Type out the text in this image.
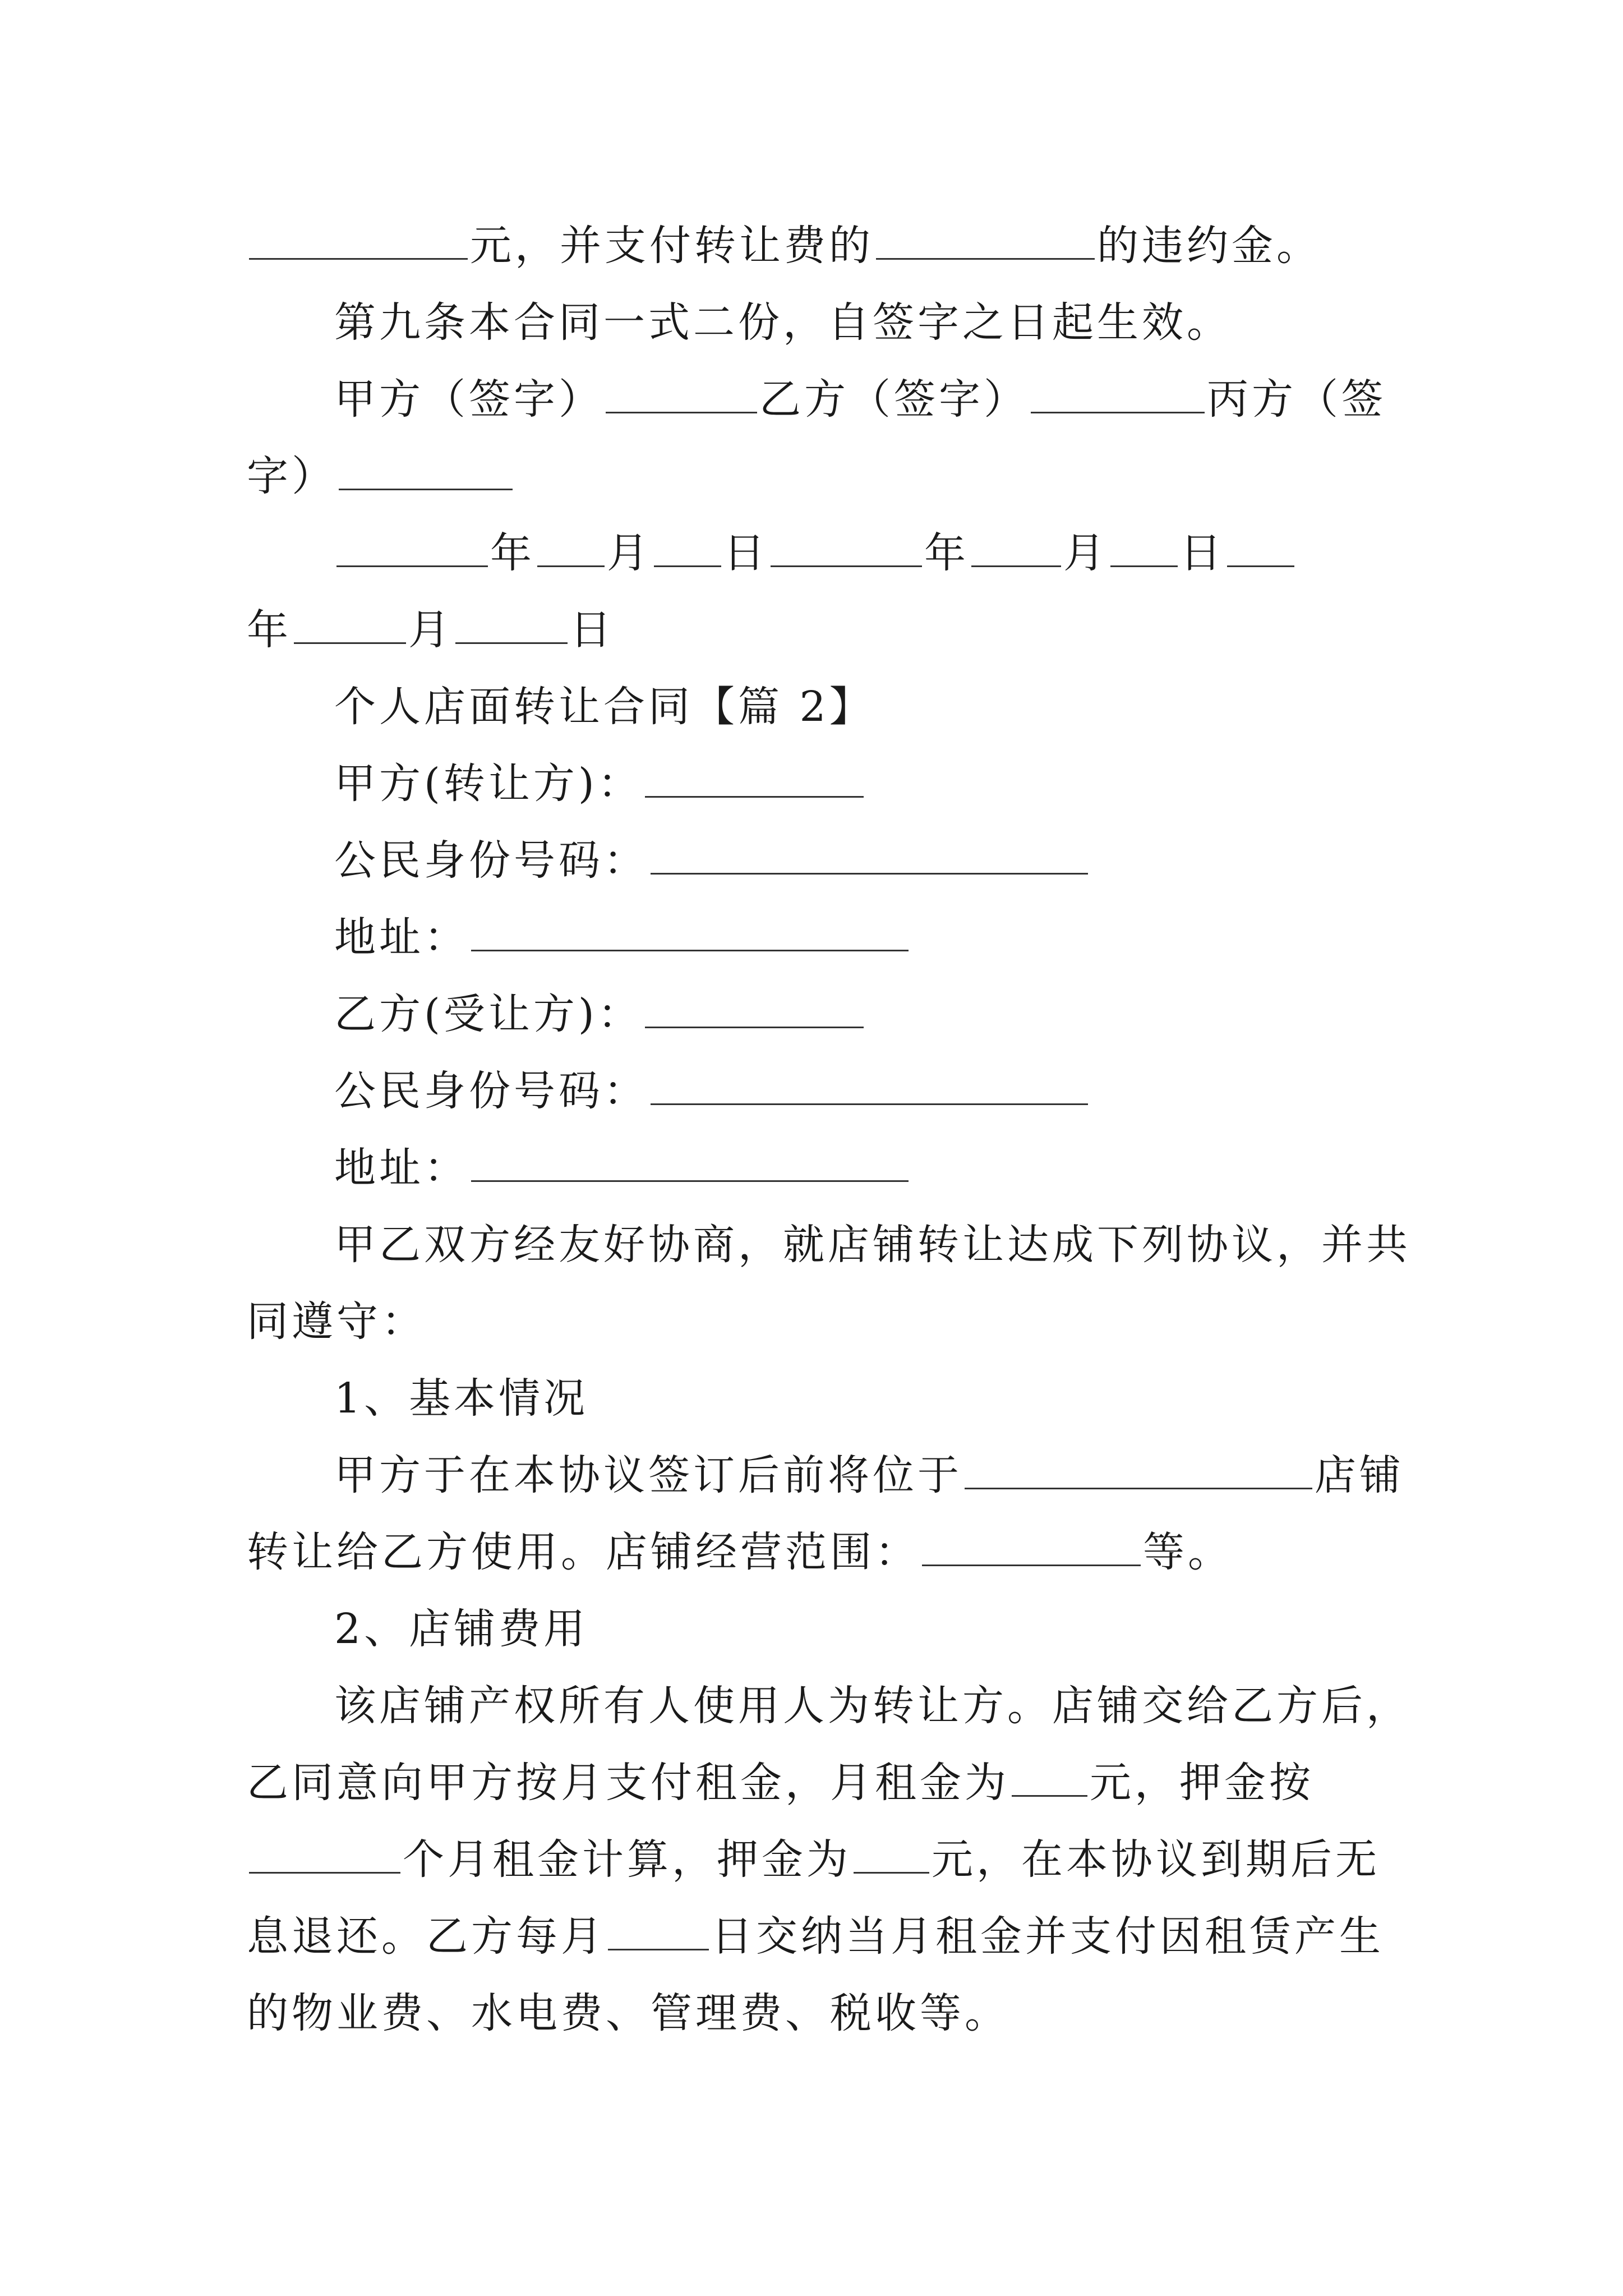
元，并支付转让费的	的违约金。
第九条本合同一式二份，自签字之日起生效。
甲方（签字）	乙方（签字）	丙方（签
字）
年 月 日	年 月 日
年	月	日
个人店面转让合同【篇 2】
甲方(转让方)：
公民身份号码：
地址：
乙方(受让方)：
公民身份号码：
地址：
甲乙双方经友好协商，就店铺转让达成下列协议，并共
同遵守：
1、基本情况
甲方于在本协议签订后前将位于	店铺
转让给乙方使用。店铺经营范围：	等。
2、店铺费用
该店铺产权所有人使用人为转让方。店铺交给乙方后，
乙同意向甲方按月支付租金，月租金为 元，押金按
个月租金计算，押金为 元，在本协议到期后无
息退还。乙方每月	日交纳当月租金并支付因租赁产生
的物业费、水电费、管理费、税收等。
